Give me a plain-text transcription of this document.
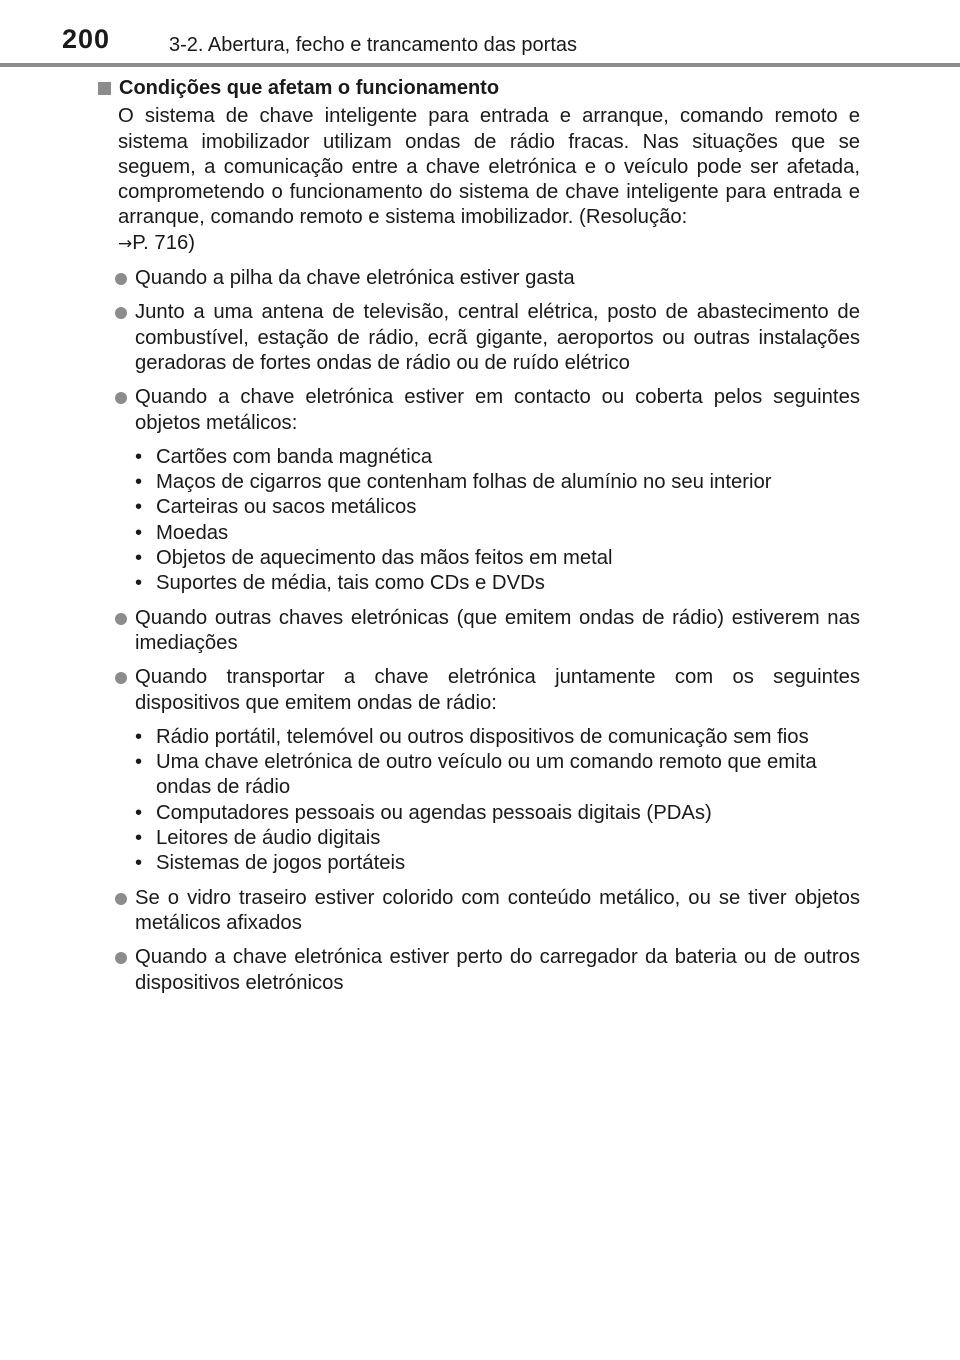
200	3-2. Abertura, fecho e trancamento das portas
Condições que afetam o funcionamento
O sistema de chave inteligente para entrada e arranque, comando remoto e sistema imobilizador utilizam ondas de rádio fracas. Nas situações que se seguem, a comunicação entre a chave eletrónica e o veículo pode ser afetada, comprometendo o funcionamento do sistema de chave inteligente para entrada e arranque, comando remoto e sistema imobilizador. (Resolução:
→P. 716)
Quando a pilha da chave eletrónica estiver gasta
Junto a uma antena de televisão, central elétrica, posto de abastecimento de combustível, estação de rádio, ecrã gigante, aeroportos ou outras instalações geradoras de fortes ondas de rádio ou de ruído elétrico
Quando a chave eletrónica estiver em contacto ou coberta pelos seguintes objetos metálicos:
• Cartões com banda magnética
• Maços de cigarros que contenham folhas de alumínio no seu interior
• Carteiras ou sacos metálicos
• Moedas
• Objetos de aquecimento das mãos feitos em metal
• Suportes de média, tais como CDs e DVDs
Quando outras chaves eletrónicas (que emitem ondas de rádio) estiverem nas imediações
Quando transportar a chave eletrónica juntamente com os seguintes dispositivos que emitem ondas de rádio:
• Rádio portátil, telemóvel ou outros dispositivos de comunicação sem fios
• Uma chave eletrónica de outro veículo ou um comando remoto que emita ondas de rádio
• Computadores pessoais ou agendas pessoais digitais (PDAs)
• Leitores de áudio digitais
• Sistemas de jogos portáteis
Se o vidro traseiro estiver colorido com conteúdo metálico, ou se tiver objetos metálicos afixados
Quando a chave eletrónica estiver perto do carregador da bateria ou de outros dispositivos eletrónicos
